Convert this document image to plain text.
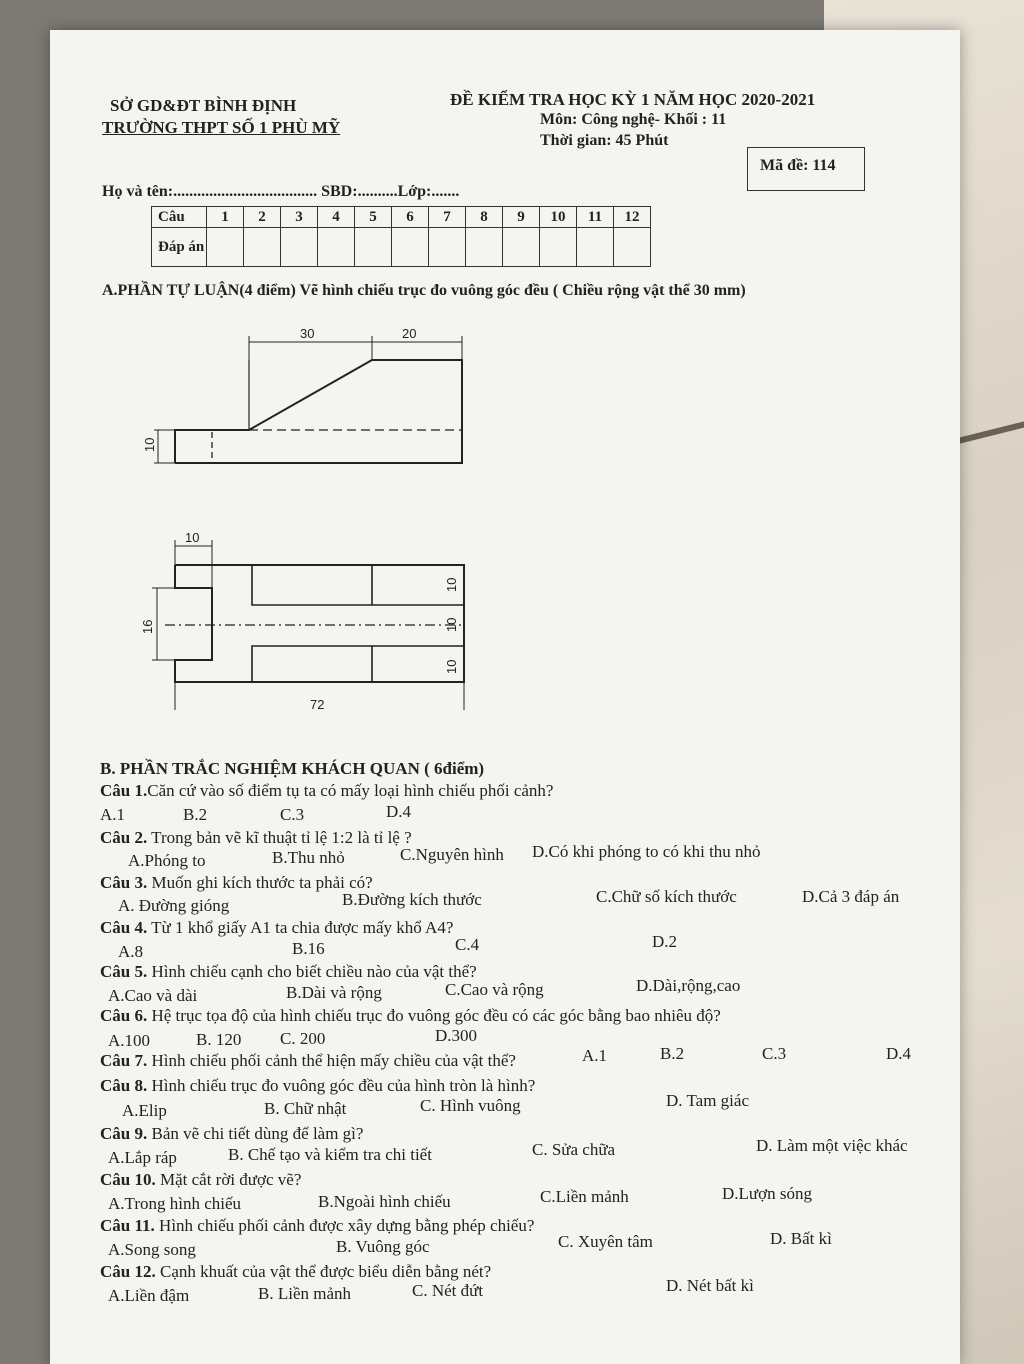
SỞ GD&ĐT BÌNH ĐỊNH
TRƯỜNG THPT SỐ 1 PHÙ MỸ
ĐỀ KIỂM TRA HỌC KỲ 1 NĂM HỌC 2020-2021
Môn: Công nghệ- Khối : 11
Thời gian: 45 Phút
Mã đề: 114
Họ và tên:.................................... SBD:..........Lớp:.......
Câu	1	2	3	4	5	6	7	8	9	10	11	12
Đáp án												
A.PHẦN TỰ LUẬN(4 điểm) Vẽ hình chiếu trục đo vuông góc đều ( Chiều rộng vật thể 30 mm)
30	20
10
10
16
10
10
10
72
B. PHẦN TRẮC NGHIỆM KHÁCH QUAN ( 6điểm)
Câu 1.Căn cứ vào số điểm tụ ta có mấy loại hình chiếu phối cảnh?
A.1	B.2	C.3	D.4
Câu 2. Trong bản vẽ kĩ thuật tỉ lệ 1:2 là tỉ lệ ?
A.Phóng to	B.Thu nhỏ	C.Nguyên hình D.Có khi phóng to có khi thu nhỏ
Câu 3. Muốn ghi kích thước ta phải có?
A. Đường gióng	B.Đường kích thước	C.Chữ số kích thước	D.Cả 3 đáp án
Câu 4. Từ 1 khổ giấy A1 ta chia được mấy khổ A4?
A.8	B.16	C.4	D.2
Câu 5. Hình chiếu cạnh cho biết chiều nào của vật thể?
A.Cao và dài	B.Dài và rộng	C.Cao và rộng	D.Dài,rộng,cao
Câu 6. Hệ trục tọa độ của hình chiếu trục đo vuông góc đều có các góc bằng bao nhiêu độ?
A.100	B. 120 C. 200	D.300
Câu 7. Hình chiếu phối cảnh thể hiện mấy chiều của vật thể?	A.1	B.2	C.3	D.4
Câu 8. Hình chiếu trục đo vuông góc đều của hình tròn là hình?
A.Elip	B. Chữ nhật	C. Hình vuông	D. Tam giác
Câu 9. Bản vẽ chi tiết dùng để làm gì?
A.Lắp ráp	B. Chế tạo và kiểm tra chi tiết	C. Sửa chữa	D. Làm một việc khác
Câu 10. Mặt cắt rời được vẽ?
A.Trong hình chiếu	B.Ngoài hình chiếu	C.Liền mảnh	D.Lượn sóng
Câu 11. Hình chiếu phối cảnh được xây dựng bằng phép chiếu?
A.Song song	B. Vuông góc	C. Xuyên tâm	D. Bất kì
Câu 12. Cạnh khuất của vật thể được biểu diễn bằng nét?
A.Liền đậm	B. Liền mảnh	C. Nét đứt	D. Nét bất kì
